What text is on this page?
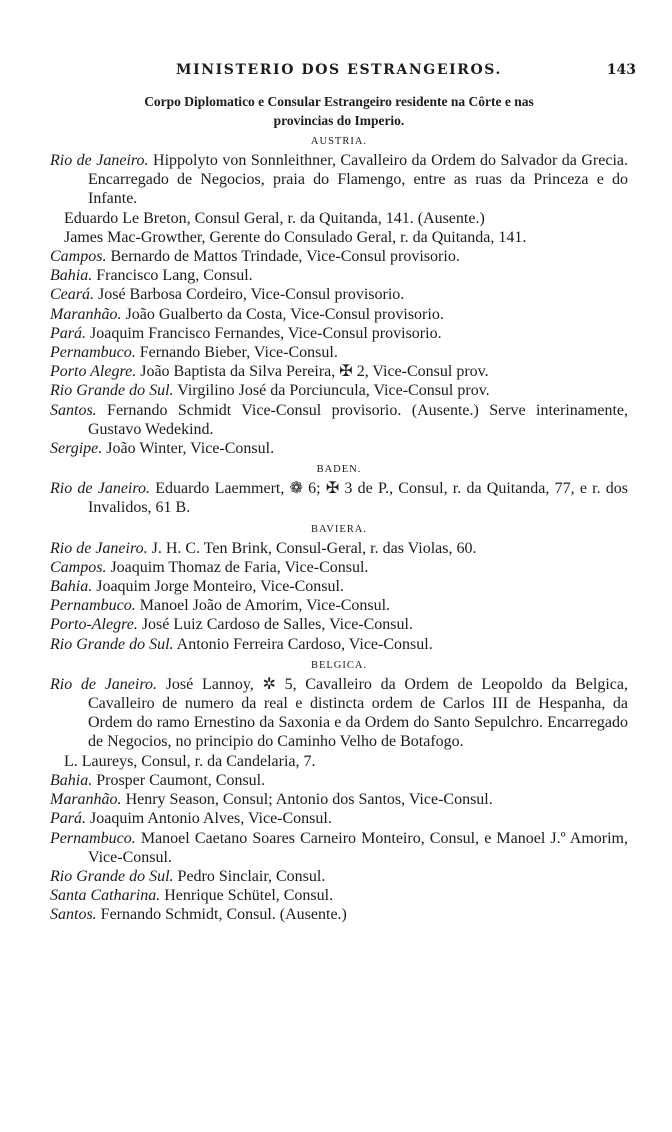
MINISTERIO DOS ESTRANGEIROS.	143
Corpo Diplomatico e Consular Estrangeiro residente na Côrte e nas
provincias do Imperio.
AUSTRIA.
Rio de Janeiro. Hippolyto von Sonnleithner, Cavalleiro da Ordem do Salvador da Grecia. Encarregado de Negocios, praia do Flamengo, entre as ruas da Princeza e do Infante.
Eduardo Le Breton, Consul Geral, r. da Quitanda, 141. (Ausente.)
James Mac-Growther, Gerente do Consulado Geral, r. da Quitanda, 141.
Campos. Bernardo de Mattos Trindade, Vice-Consul provisorio.
Bahia. Francisco Lang, Consul.
Ceará. José Barbosa Cordeiro, Vice-Consul provisorio.
Maranhão. João Gualberto da Costa, Vice-Consul provisorio.
Pará. Joaquim Francisco Fernandes, Vice-Consul provisorio.
Pernambuco. Fernando Bieber, Vice-Consul.
Porto Alegre. João Baptista da Silva Pereira, ✠ 2, Vice-Consul prov.
Rio Grande do Sul. Virgilino José da Porciuncula, Vice-Consul prov.
Santos. Fernando Schmidt Vice-Consul provisorio. (Ausente.) Serve interinamente, Gustavo Wedekind.
Sergipe. João Winter, Vice-Consul.
BADEN.
Rio de Janeiro. Eduardo Laemmert, ❁ 6; ✠ 3 de P., Consul, r. da Quitanda, 77, e r. dos Invalidos, 61 B.
BAVIERA.
Rio de Janeiro. J. H. C. Ten Brink, Consul-Geral, r. das Violas, 60.
Campos. Joaquim Thomaz de Faria, Vice-Consul.
Bahia. Joaquim Jorge Monteiro, Vice-Consul.
Pernambuco. Manoel João de Amorim, Vice-Consul.
Porto-Alegre. José Luiz Cardoso de Salles, Vice-Consul.
Rio Grande do Sul. Antonio Ferreira Cardoso, Vice-Consul.
BELGICA.
Rio de Janeiro. José Lannoy, ✲ 5, Cavalleiro da Ordem de Leopoldo da Belgica, Cavalleiro de numero da real e distincta ordem de Carlos III de Hespanha, da Ordem do ramo Ernestino da Saxonia e da Ordem do Santo Sepulchro. Encarregado de Negocios, no principio do Caminho Velho de Botafogo.
L. Laureys, Consul, r. da Candelaria, 7.
Bahia. Prosper Caumont, Consul.
Maranhão. Henry Season, Consul; Antonio dos Santos, Vice-Consul.
Pará. Joaquim Antonio Alves, Vice-Consul.
Pernambuco. Manoel Caetano Soares Carneiro Monteiro, Consul, e Manoel J.º Amorim, Vice-Consul.
Rio Grande do Sul. Pedro Sinclair, Consul.
Santa Catharina. Henrique Schütel, Consul.
Santos. Fernando Schmidt, Consul. (Ausente.)
